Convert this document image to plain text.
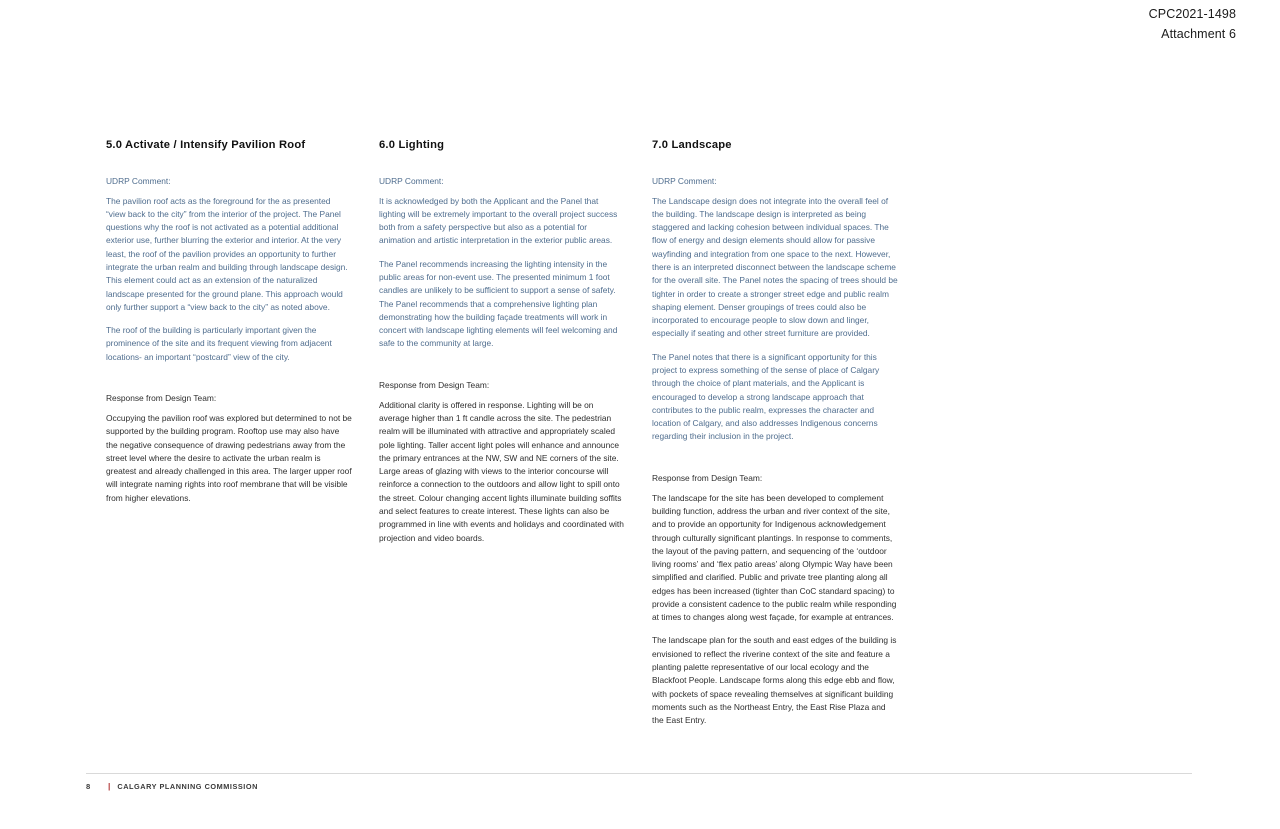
CPC2021-1498
Attachment 6
5.0 Activate / Intensify Pavilion Roof
UDRP Comment:

The pavilion roof acts as the foreground for the as presented “view back to the city” from the interior of the project. The Panel questions why the roof is not activated as a potential additional exterior use, further blurring the exterior and interior. At the very least, the roof of the pavilion provides an opportunity to further integrate the urban realm and building through landscape design. This element could act as an extension of the naturalized landscape presented for the ground plane. This approach would only further support a “view back to the city” as noted above.

The roof of the building is particularly important given the prominence of the site and its frequent viewing from adjacent locations- an important “postcard” view of the city.

Response from Design Team:

Occupying the pavilion roof was explored but determined to not be supported by the building program. Rooftop use may also have the negative consequence of drawing pedestrians away from the street level where the desire to activate the urban realm is greatest and already challenged in this area. The larger upper roof will integrate naming rights into roof membrane that will be visible from higher elevations.

6.0 Lighting
UDRP Comment:

It is acknowledged by both the Applicant and the Panel that lighting will be extremely important to the overall project success both from a safety perspective but also as a potential for animation and artistic interpretation in the exterior public areas.

The Panel recommends increasing the lighting intensity in the public areas for non-event use. The presented minimum 1 foot candles are unlikely to be sufficient to support a sense of safety. The Panel recommends that a comprehensive lighting plan demonstrating how the building façade treatments will work in concert with landscape lighting elements will feel welcoming and safe to the community at large.

Response from Design Team:

Additional clarity is offered in response. Lighting will be on average higher than 1 ft candle across the site. The pedestrian realm will be illuminated with attractive and appropriately scaled pole lighting. Taller accent light poles will enhance and announce the primary entrances at the NW, SW and NE corners of the site. Large areas of glazing with views to the interior concourse will reinforce a connection to the outdoors and allow light to spill onto the street. Colour changing accent lights illuminate building soffits and select features to create interest. These lights can also be programmed in line with events and holidays and coordinated with projection and video boards.

7.0 Landscape
UDRP Comment:

The Landscape design does not integrate into the overall feel of the building. The landscape design is interpreted as being staggered and lacking cohesion between individual spaces. The flow of energy and design elements should allow for passive wayfinding and integration from one space to the next. However, there is an interpreted disconnect between the landscape scheme for the overall site. The Panel notes the spacing of trees should be tighter in order to create a stronger street edge and public realm shaping element. Denser groupings of trees could also be incorporated to encourage people to slow down and linger, especially if seating and other street furniture are provided.

The Panel notes that there is a significant opportunity for this project to express something of the sense of place of Calgary through the choice of plant materials, and the Applicant is encouraged to develop a strong landscape approach that contributes to the public realm, expresses the character and location of Calgary, and also addresses Indigenous concerns regarding their inclusion in the project.

Response from Design Team:

The landscape for the site has been developed to complement building function, address the urban and river context of the site, and to provide an opportunity for Indigenous acknowledgement through culturally significant plantings. In response to comments, the layout of the paving pattern, and sequencing of the ‘outdoor living rooms’ and ‘flex patio areas’ along Olympic Way have been simplified and clarified. Public and private tree planting along all edges has been increased (tighter than CoC standard spacing) to provide a consistent cadence to the public realm while responding at times to changes along west façade, for example at entrances.

The landscape plan for the south and east edges of the building is envisioned to reflect the riverine context of the site and feature a planting palette representative of our local ecology and the Blackfoot People. Landscape forms along this edge ebb and flow, with pockets of space revealing themselves at significant building moments such as the Northeast Entry, the East Rise Plaza and the East Entry.

8	| CALGARY PLANNING COMMISSION
